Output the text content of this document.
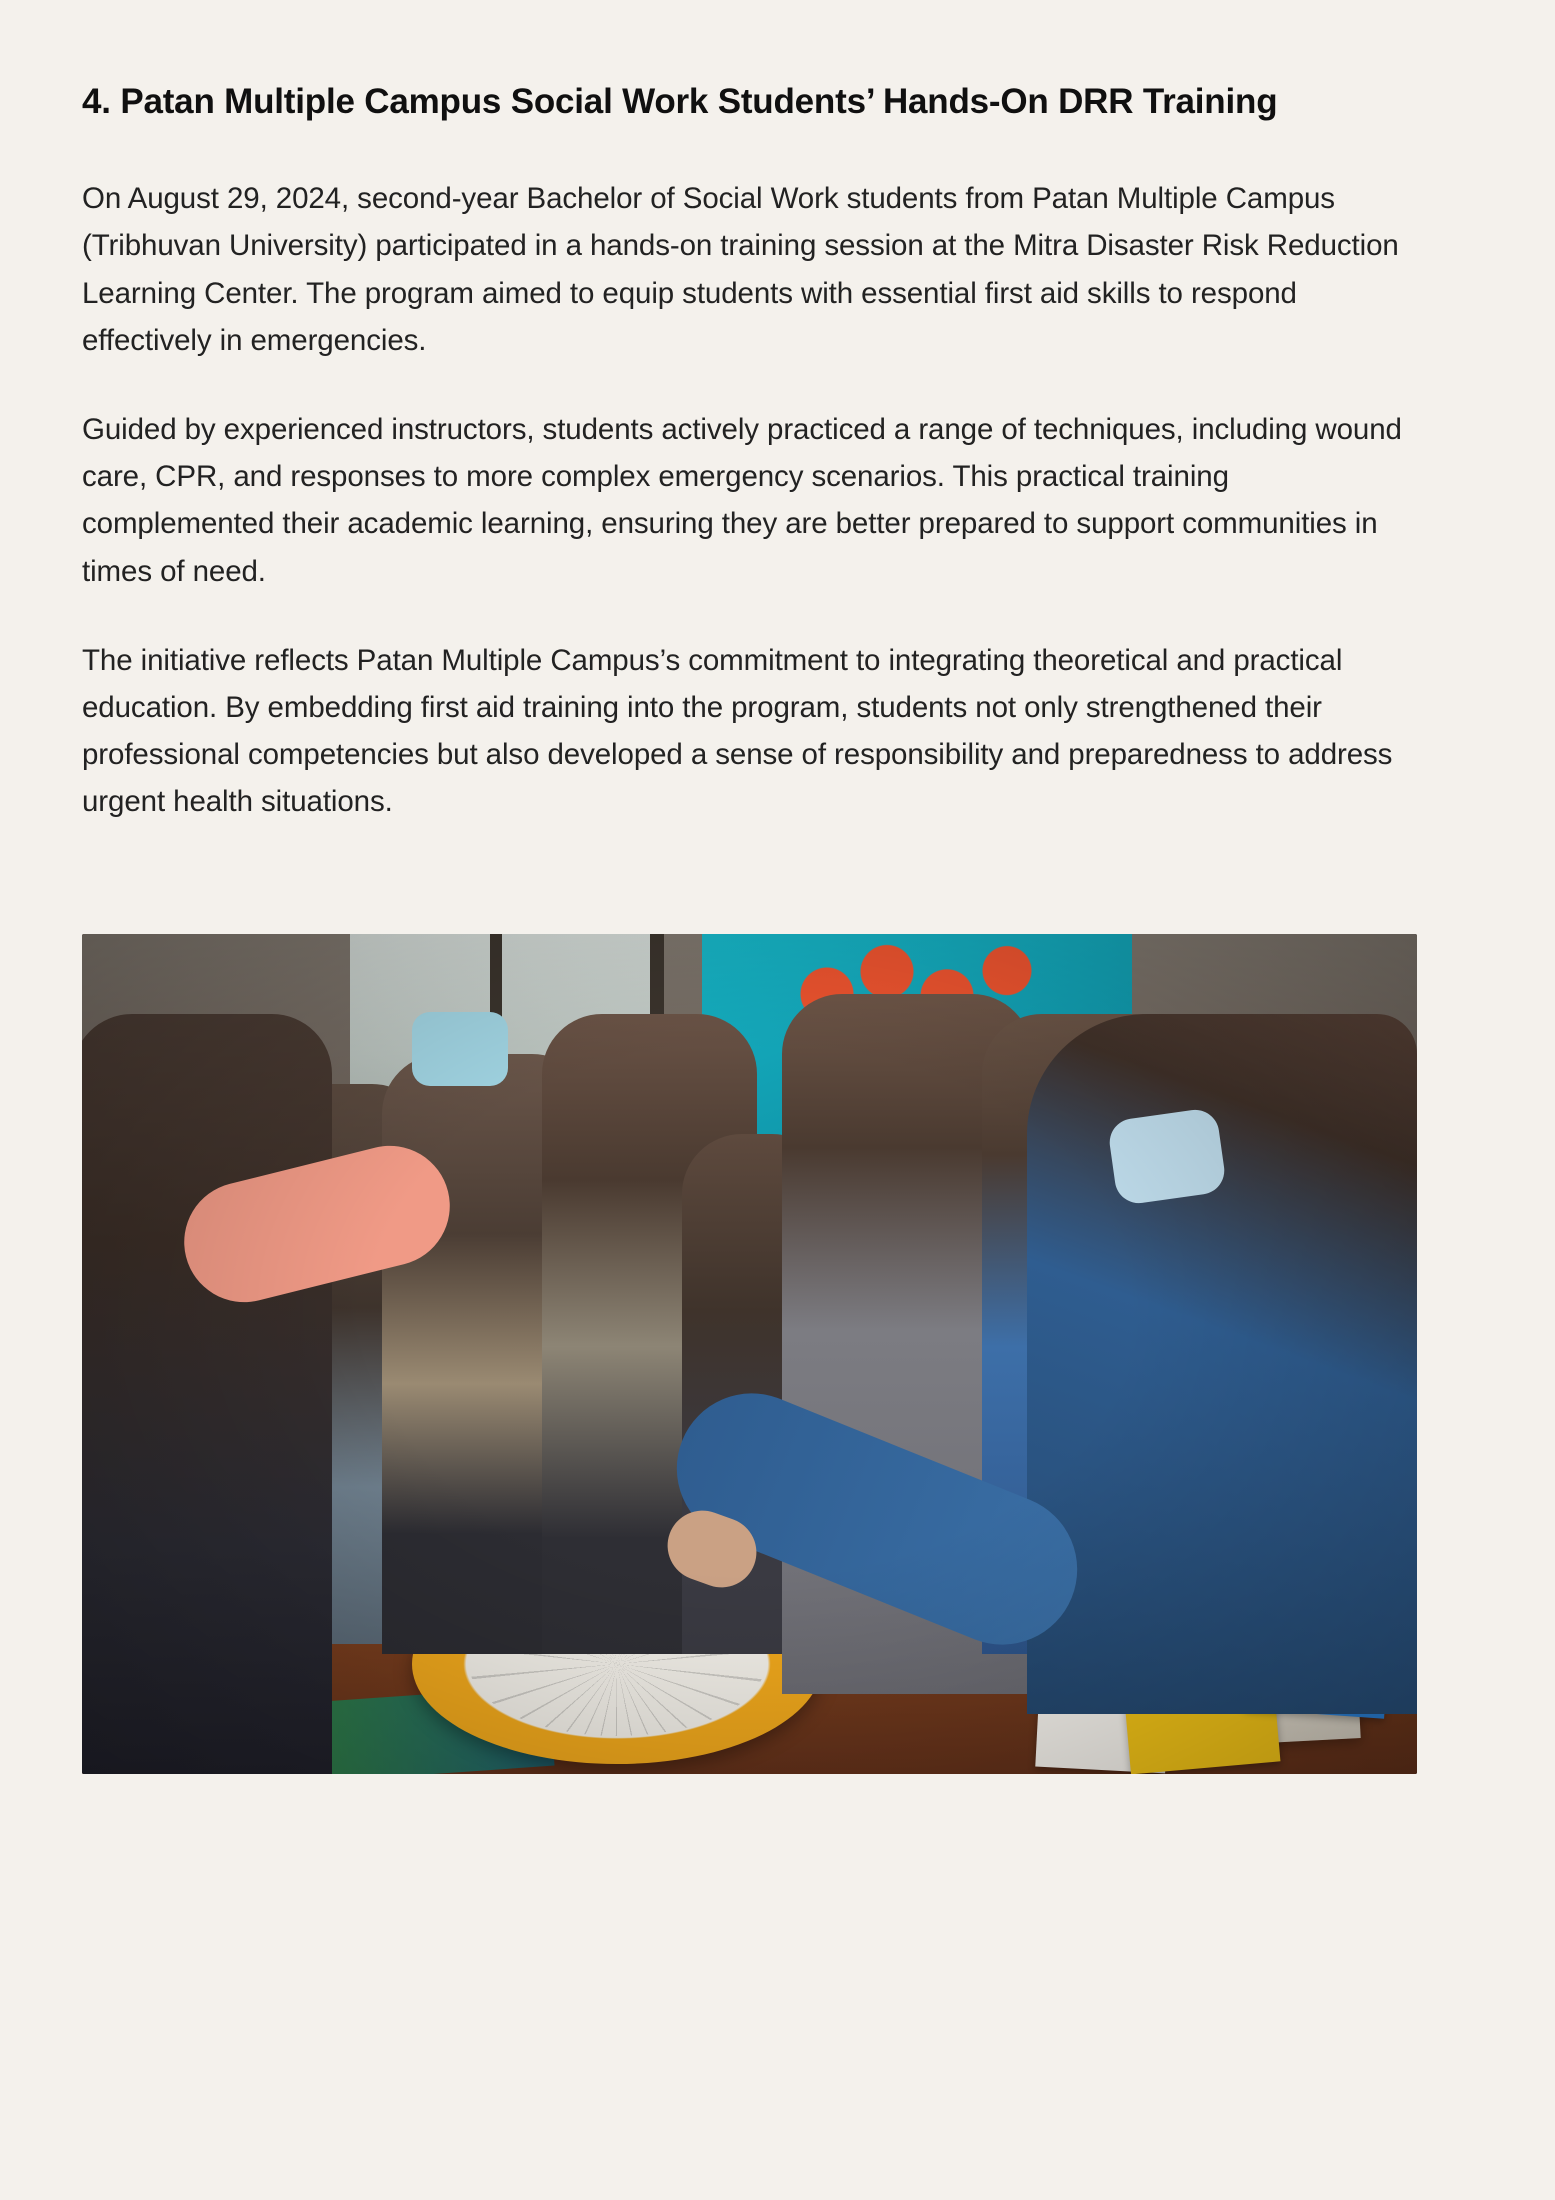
4. Patan Multiple Campus Social Work Students’ Hands-On DRR Training

On August 29, 2024, second-year Bachelor of Social Work students from Patan Multiple Campus (Tribhuvan University) participated in a hands-on training session at the Mitra Disaster Risk Reduction Learning Center. The program aimed to equip students with essential first aid skills to respond effectively in emergencies.

Guided by experienced instructors, students actively practiced a range of techniques, including wound care, CPR, and responses to more complex emergency scenarios. This practical training complemented their academic learning, ensuring they are better prepared to support communities in times of need.

The initiative reflects Patan Multiple Campus’s commitment to integrating theoretical and practical education. By embedding first aid training into the program, students not only strengthened their professional competencies but also developed a sense of responsibility and preparedness to address urgent health situations.
